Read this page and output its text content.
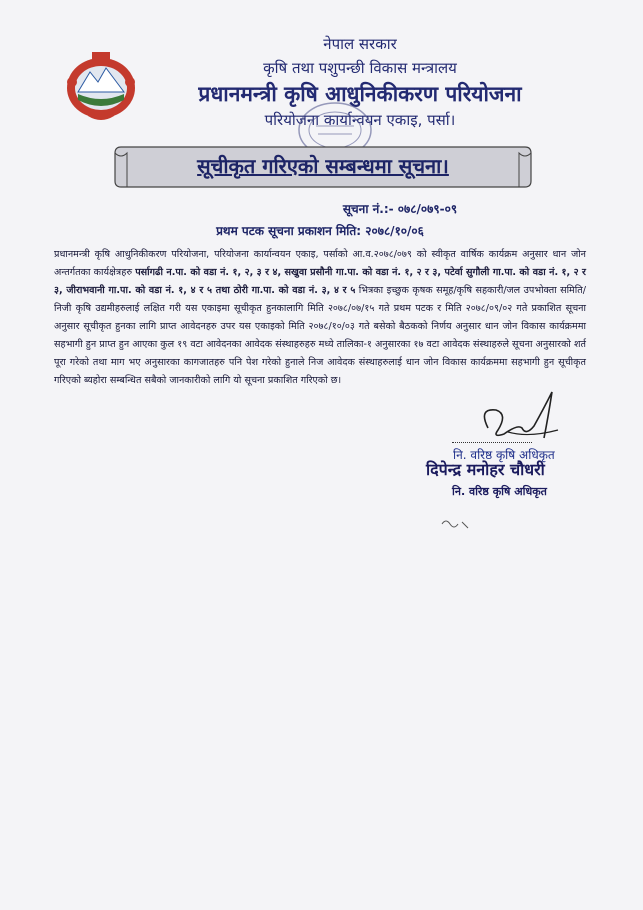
नेपाल सरकार
कृषि तथा पशुपन्छी विकास मन्त्रालय
प्रधानमन्त्री कृषि आधुनिकीकरण परियोजना
परियोजना कार्यान्वयन एकाइ, पर्सा।
सूचीकृत गरिएको सम्बन्धमा सूचना।
सूचना नं.:- ०७८/०७९-०९
प्रथम पटक सूचना प्रकाशन मिति: २०७८/१०/०६
प्रधानमन्त्री कृषि आधुनिकीकरण परियोजना, परियोजना कार्यान्वयन एकाइ, पर्साको आ.व.२०७८/०७९ को स्वीकृत वार्षिक कार्यक्रम अनुसार धान जोन अन्तर्गतका कार्यक्षेत्रहरु पर्सागढी न.पा. को वडा नं. १, २, ३ र ४, सखुवा प्रसौनी गा.पा. को वडा नं. १, २ र ३, पटेर्वा सुगौली गा.पा. को वडा नं. १, २ र ३, जीराभवानी गा.पा. को वडा नं. १, ४ र ५ तथा ठोरी गा.पा. को वडा नं. ३, ४ र ५ भित्रका इच्छुक कृषक समूह/कृषि सहकारी/जल उपभोक्ता समिति/निजी कृषि उद्यमीहरुलाई लक्षित गरी यस एकाइमा सूचीकृत हुनकालागि मिति २०७८/०७/१५ गते प्रथम पटक र मिति २०७८/०९/०२ गते प्रकाशित सूचना अनुसार सूचीकृत हुनका लागि प्राप्त आवेदनहरु उपर यस एकाइको मिति २०७८/१०/०३ गते बसेको बैठकको निर्णय अनुसार धान जोन विकास कार्यक्रममा सहभागी हुन प्राप्त हुन आएका कुल १९ वटा आवेदनका आवेदक संस्थाहरुहरु मध्ये तालिका-१ अनुसारका १७ वटा आवेदक संस्थाहरुले सूचना अनुसारको शर्त पूरा गरेको तथा माग भए अनुसारका कागजातहरु पनि पेश गरेको हुनाले निज आवेदक संस्थाहरुलाई धान जोन विकास कार्यक्रममा सहभागी हुन सूचीकृत गरिएको ब्यहोरा सम्बन्धित सबैको जानकारीको लागि यो सूचना प्रकाशित गरिएको छ।
नि. वरिष्ठ कृषि अधिकृत
दिपेन्द्र मनोहर चौधरी
नि. वरिष्ठ कृषि अधिकृत
